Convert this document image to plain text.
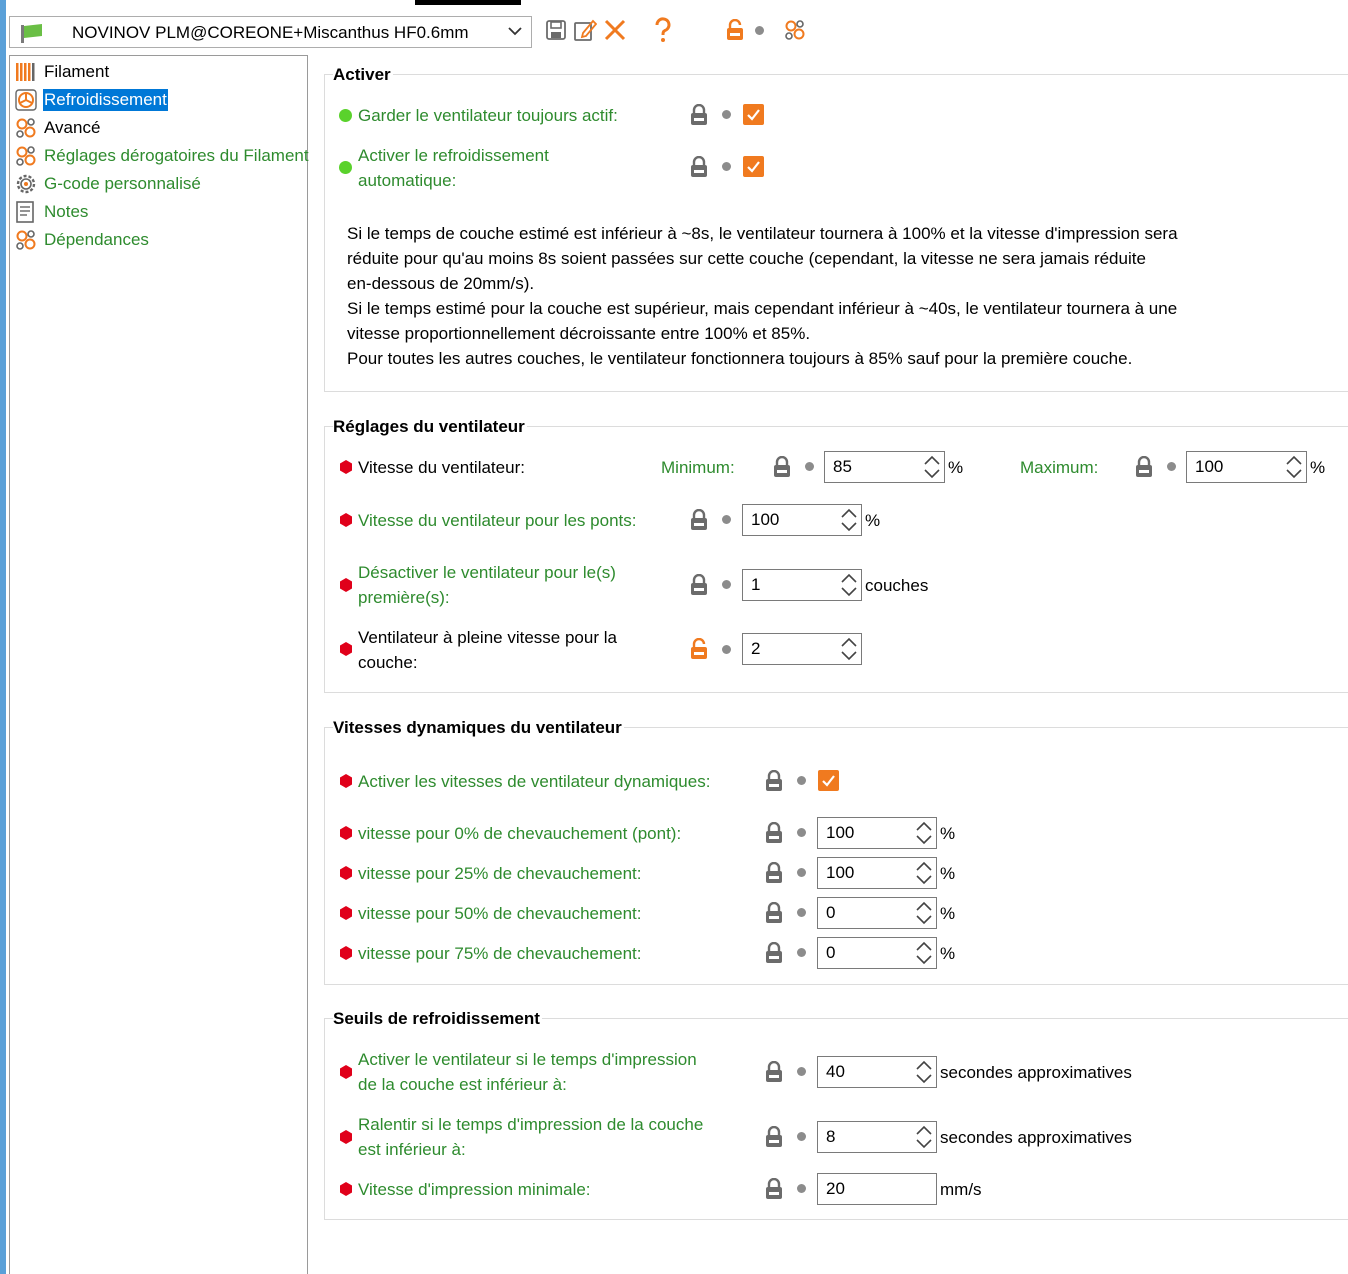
NOVINOV PLM@COREONE+Miscanthus HF0.6mm
Filament
Refroidissement
Avancé
Réglages dérogatoires du Filament
G-code personnalisé
Notes
Dépendances
Activer
Garder le ventilateur toujours actif:
Activer le refroidissement
automatique:

Si le temps de couche estimé est inférieur à ~8s, le ventilateur tournera à 100% et la vitesse d'impression sera

réduite pour qu'au moins 8s soient passées sur cette couche (cependant, la vitesse ne sera jamais réduite

en-dessous de 20mm/s).

Si le temps estimé pour la couche est supérieur, mais cependant inférieur à ~40s, le ventilateur tournera à une

vitesse proportionnellement décroissante entre 100% et 85%.

Pour toutes les autres couches, le ventilateur fonctionnera toujours à 85% sauf pour la première couche.

Réglages du ventilateur
Vitesse du ventilateur:	Minimum:	85	%	Maximum:	100	%
Vitesse du ventilateur pour les ponts:	100	%
Désactiver le ventilateur pour le(s)
première(s):
1	couches
Ventilateur à pleine vitesse pour la
couche:
2
Vitesses dynamiques du ventilateur
Activer les vitesses de ventilateur dynamiques:
vitesse pour 0% de chevauchement (pont):	100	%
vitesse pour 25% de chevauchement:	100	%
vitesse pour 50% de chevauchement:	0	%
vitesse pour 75% de chevauchement:	0	%
Seuils de refroidissement
Activer le ventilateur si le temps d'impression
de la couche est inférieur à:
40	secondes approximatives
Ralentir si le temps d'impression de la couche
est inférieur à:
8	secondes approximatives
Vitesse d'impression minimale:	20	mm/s
